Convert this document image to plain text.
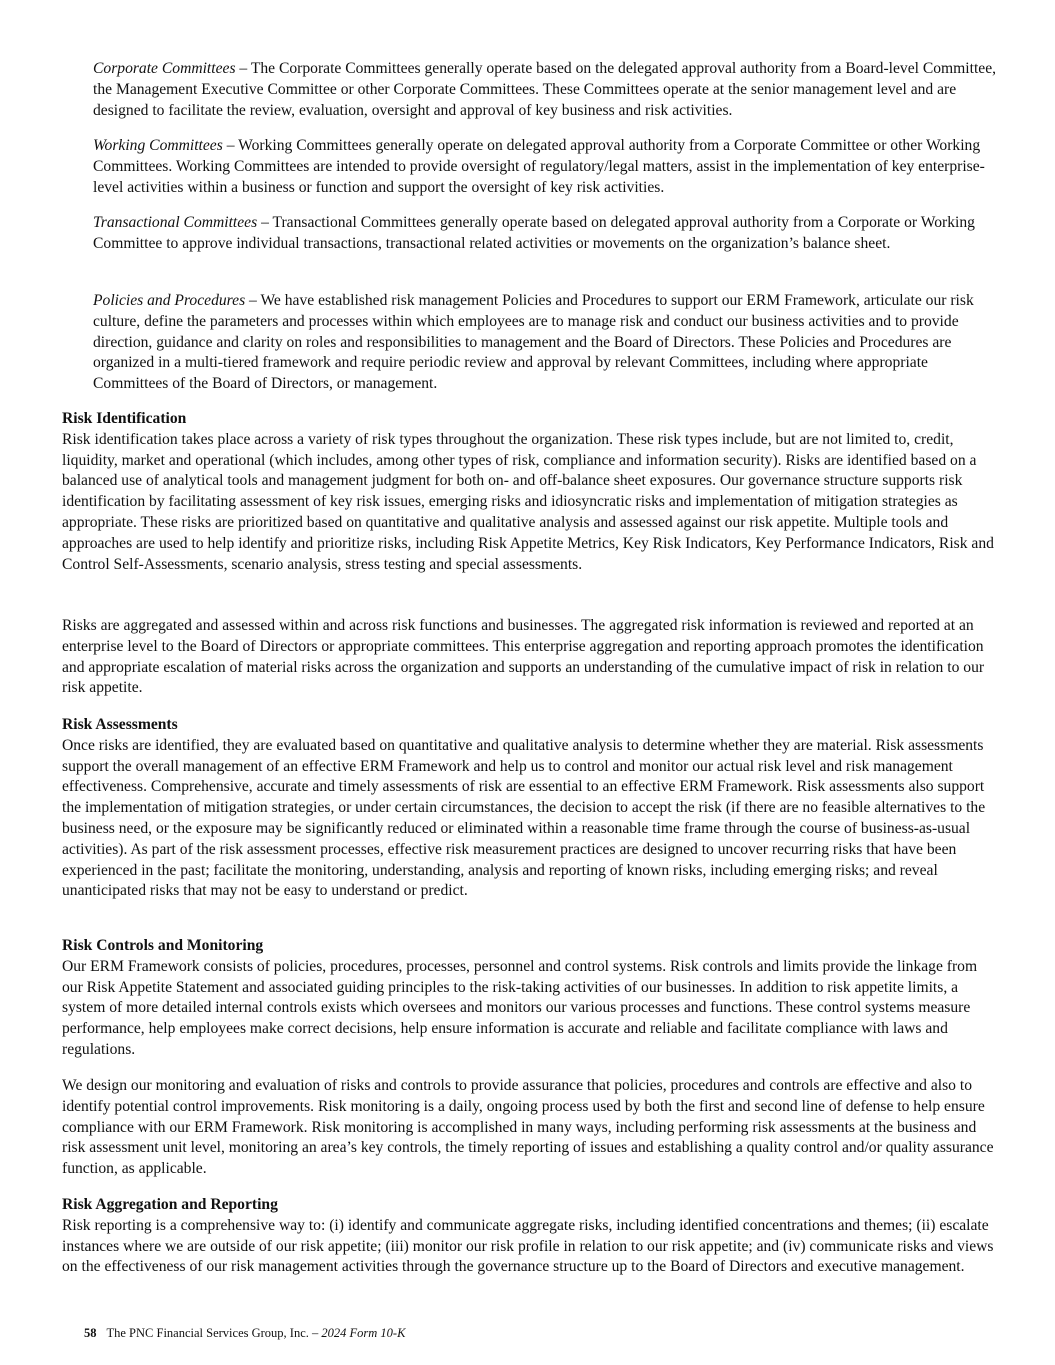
Corporate Committees – The Corporate Committees generally operate based on the delegated approval authority from a Board-level Committee, the Management Executive Committee or other Corporate Committees. These Committees operate at the senior management level and are designed to facilitate the review, evaluation, oversight and approval of key business and risk activities.

Working Committees – Working Committees generally operate on delegated approval authority from a Corporate Committee or other Working Committees. Working Committees are intended to provide oversight of regulatory/legal matters, assist in the implementation of key enterprise-level activities within a business or function and support the oversight of key risk activities.

Transactional Committees – Transactional Committees generally operate based on delegated approval authority from a Corporate or Working Committee to approve individual transactions, transactional related activities or movements on the organization’s balance sheet.

Policies and Procedures – We have established risk management Policies and Procedures to support our ERM Framework, articulate our risk culture, define the parameters and processes within which employees are to manage risk and conduct our business activities and to provide direction, guidance and clarity on roles and responsibilities to management and the Board of Directors. These Policies and Procedures are organized in a multi-tiered framework and require periodic review and approval by relevant Committees, including where appropriate Committees of the Board of Directors, or management.

Risk Identification

Risk identification takes place across a variety of risk types throughout the organization. These risk types include, but are not limited to, credit, liquidity, market and operational (which includes, among other types of risk, compliance and information security). Risks are identified based on a balanced use of analytical tools and management judgment for both on- and off-balance sheet exposures. Our governance structure supports risk identification by facilitating assessment of key risk issues, emerging risks and idiosyncratic risks and implementation of mitigation strategies as appropriate. These risks are prioritized based on quantitative and qualitative analysis and assessed against our risk appetite. Multiple tools and approaches are used to help identify and prioritize risks, including Risk Appetite Metrics, Key Risk Indicators, Key Performance Indicators, Risk and Control Self-Assessments, scenario analysis, stress testing and special assessments.

Risks are aggregated and assessed within and across risk functions and businesses. The aggregated risk information is reviewed and reported at an enterprise level to the Board of Directors or appropriate committees. This enterprise aggregation and reporting approach promotes the identification and appropriate escalation of material risks across the organization and supports an understanding of the cumulative impact of risk in relation to our risk appetite.

Risk Assessments

Once risks are identified, they are evaluated based on quantitative and qualitative analysis to determine whether they are material. Risk assessments support the overall management of an effective ERM Framework and help us to control and monitor our actual risk level and risk management effectiveness. Comprehensive, accurate and timely assessments of risk are essential to an effective ERM Framework. Risk assessments also support the implementation of mitigation strategies, or under certain circumstances, the decision to accept the risk (if there are no feasible alternatives to the business need, or the exposure may be significantly reduced or eliminated within a reasonable time frame through the course of business-as-usual activities). As part of the risk assessment processes, effective risk measurement practices are designed to uncover recurring risks that have been experienced in the past; facilitate the monitoring, understanding, analysis and reporting of known risks, including emerging risks; and reveal unanticipated risks that may not be easy to understand or predict.

Risk Controls and Monitoring

Our ERM Framework consists of policies, procedures, processes, personnel and control systems. Risk controls and limits provide the linkage from our Risk Appetite Statement and associated guiding principles to the risk-taking activities of our businesses. In addition to risk appetite limits, a system of more detailed internal controls exists which oversees and monitors our various processes and functions. These control systems measure performance, help employees make correct decisions, help ensure information is accurate and reliable and facilitate compliance with laws and regulations.

We design our monitoring and evaluation of risks and controls to provide assurance that policies, procedures and controls are effective and also to identify potential control improvements. Risk monitoring is a daily, ongoing process used by both the first and second line of defense to help ensure compliance with our ERM Framework. Risk monitoring is accomplished in many ways, including performing risk assessments at the business and risk assessment unit level, monitoring an area’s key controls, the timely reporting of issues and establishing a quality control and/or quality assurance function, as applicable.

Risk Aggregation and Reporting

Risk reporting is a comprehensive way to: (i) identify and communicate aggregate risks, including identified concentrations and themes; (ii) escalate instances where we are outside of our risk appetite; (iii) monitor our risk profile in relation to our risk appetite; and (iv) communicate risks and views on the effectiveness of our risk management activities through the governance structure up to the Board of Directors and executive management.

58 The PNC Financial Services Group, Inc. – 2024 Form 10-K
